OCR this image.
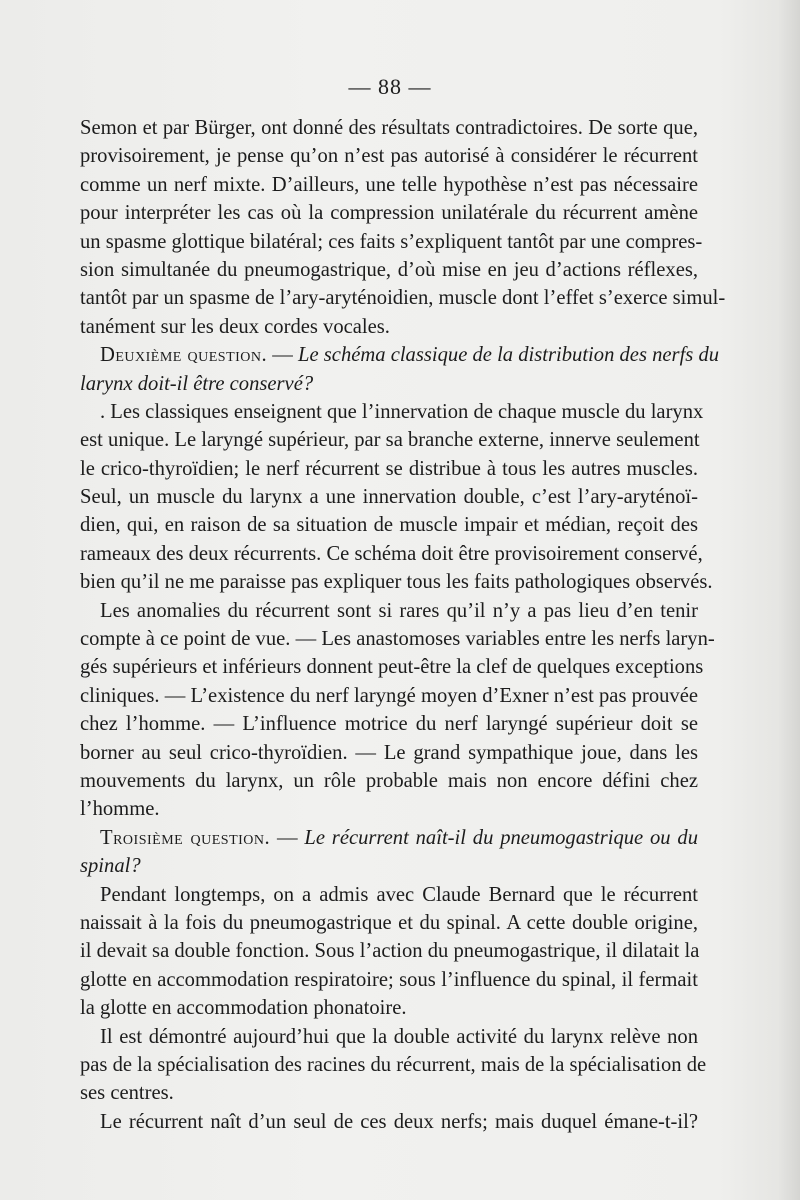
— 88 —
Semon et par Bürger, ont donné des résultats contradictoires. De sorte que,
provisoirement, je pense qu’on n’est pas autorisé à considérer le récurrent
comme un nerf mixte. D’ailleurs, une telle hypothèse n’est pas nécessaire
pour interpréter les cas où la compression unilatérale du récurrent amène
un spasme glottique bilatéral; ces faits s’expliquent tantôt par une compres-
sion simultanée du pneumogastrique, d’où mise en jeu d’actions réflexes,
tantôt par un spasme de l’ary-aryténoidien, muscle dont l’effet s’exerce simul-
tanément sur les deux cordes vocales.
Deuxième question. — Le schéma classique de la distribution des nerfs du
larynx doit-il être conservé?
. Les classiques enseignent que l’innervation de chaque muscle du larynx
est unique. Le laryngé supérieur, par sa branche externe, innerve seulement
le crico-thyroïdien; le nerf récurrent se distribue à tous les autres muscles.
Seul, un muscle du larynx a une innervation double, c’est l’ary-aryténoï-
dien, qui, en raison de sa situation de muscle impair et médian, reçoit des
rameaux des deux récurrents. Ce schéma doit être provisoirement conservé,
bien qu’il ne me paraisse pas expliquer tous les faits pathologiques observés.
Les anomalies du récurrent sont si rares qu’il n’y a pas lieu d’en tenir
compte à ce point de vue. — Les anastomoses variables entre les nerfs laryn-
gés supérieurs et inférieurs donnent peut-être la clef de quelques exceptions
cliniques. — L’existence du nerf laryngé moyen d’Exner n’est pas prouvée
chez l’homme. — L’influence motrice du nerf laryngé supérieur doit se
borner au seul crico-thyroïdien. — Le grand sympathique joue, dans les
mouvements du larynx, un rôle probable mais non encore défini chez
l’homme.
Troisième question. — Le récurrent naît-il du pneumogastrique ou du
spinal?
Pendant longtemps, on a admis avec Claude Bernard que le récurrent
naissait à la fois du pneumogastrique et du spinal. A cette double origine,
il devait sa double fonction. Sous l’action du pneumogastrique, il dilatait la
glotte en accommodation respiratoire; sous l’influence du spinal, il fermait
la glotte en accommodation phonatoire.
Il est démontré aujourd’hui que la double activité du larynx relève non
pas de la spécialisation des racines du récurrent, mais de la spécialisation de
ses centres.
Le récurrent naît d’un seul de ces deux nerfs; mais duquel émane-t-il?
